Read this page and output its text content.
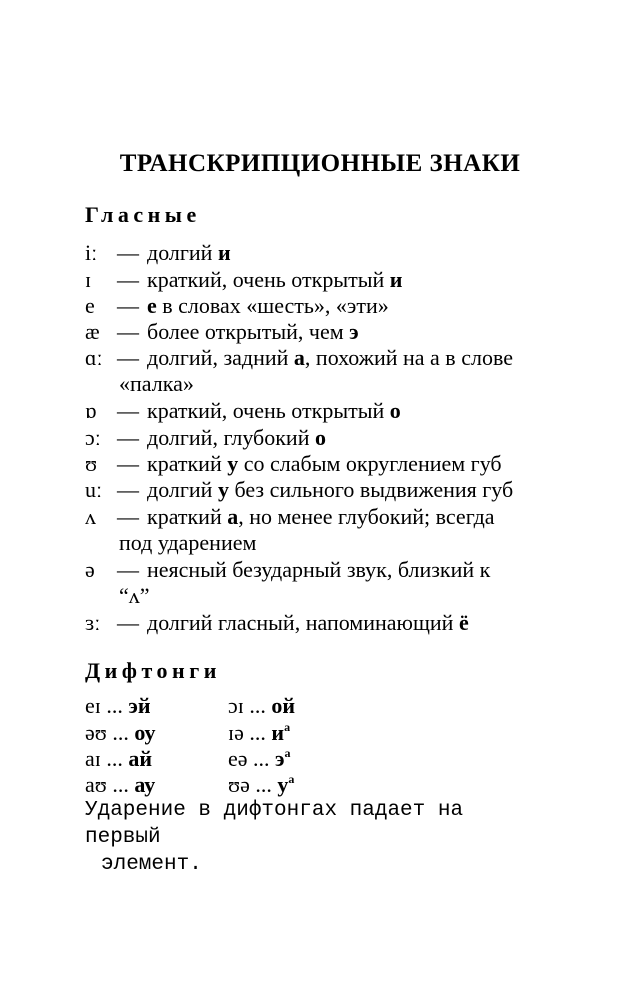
ТРАНСКРИПЦИОННЫЕ ЗНАКИ
Гласные
iː — долгий и
ɪ	— краткий, очень открытый и
e	— е в словах «шесть», «эти»
æ — более открытый, чем э
ɑː — долгий, задний а, похожий на а в слове
«палка»
ɒ — краткий, очень открытый о
ɔː — долгий, глубокий о
ʊ — краткий у со слабым округлением губ
uː — долгий у без сильного выдвижения губ
ʌ — краткий а, но менее глубокий; всегда
под ударением
ə	— неясный безударный звук, близкий к
“ʌ”
ɜː — долгий гласный, напоминающий ё
Дифтонги
eɪ ... эй	ɔɪ ... ой
əʊ ... оу	ɪə ... $и^а$
aɪ ... ай	eə ... $э^а$
aʊ ... ау	ʊə ... $у^а$
Ударение в дифтонгах падает на первый
элемент.
